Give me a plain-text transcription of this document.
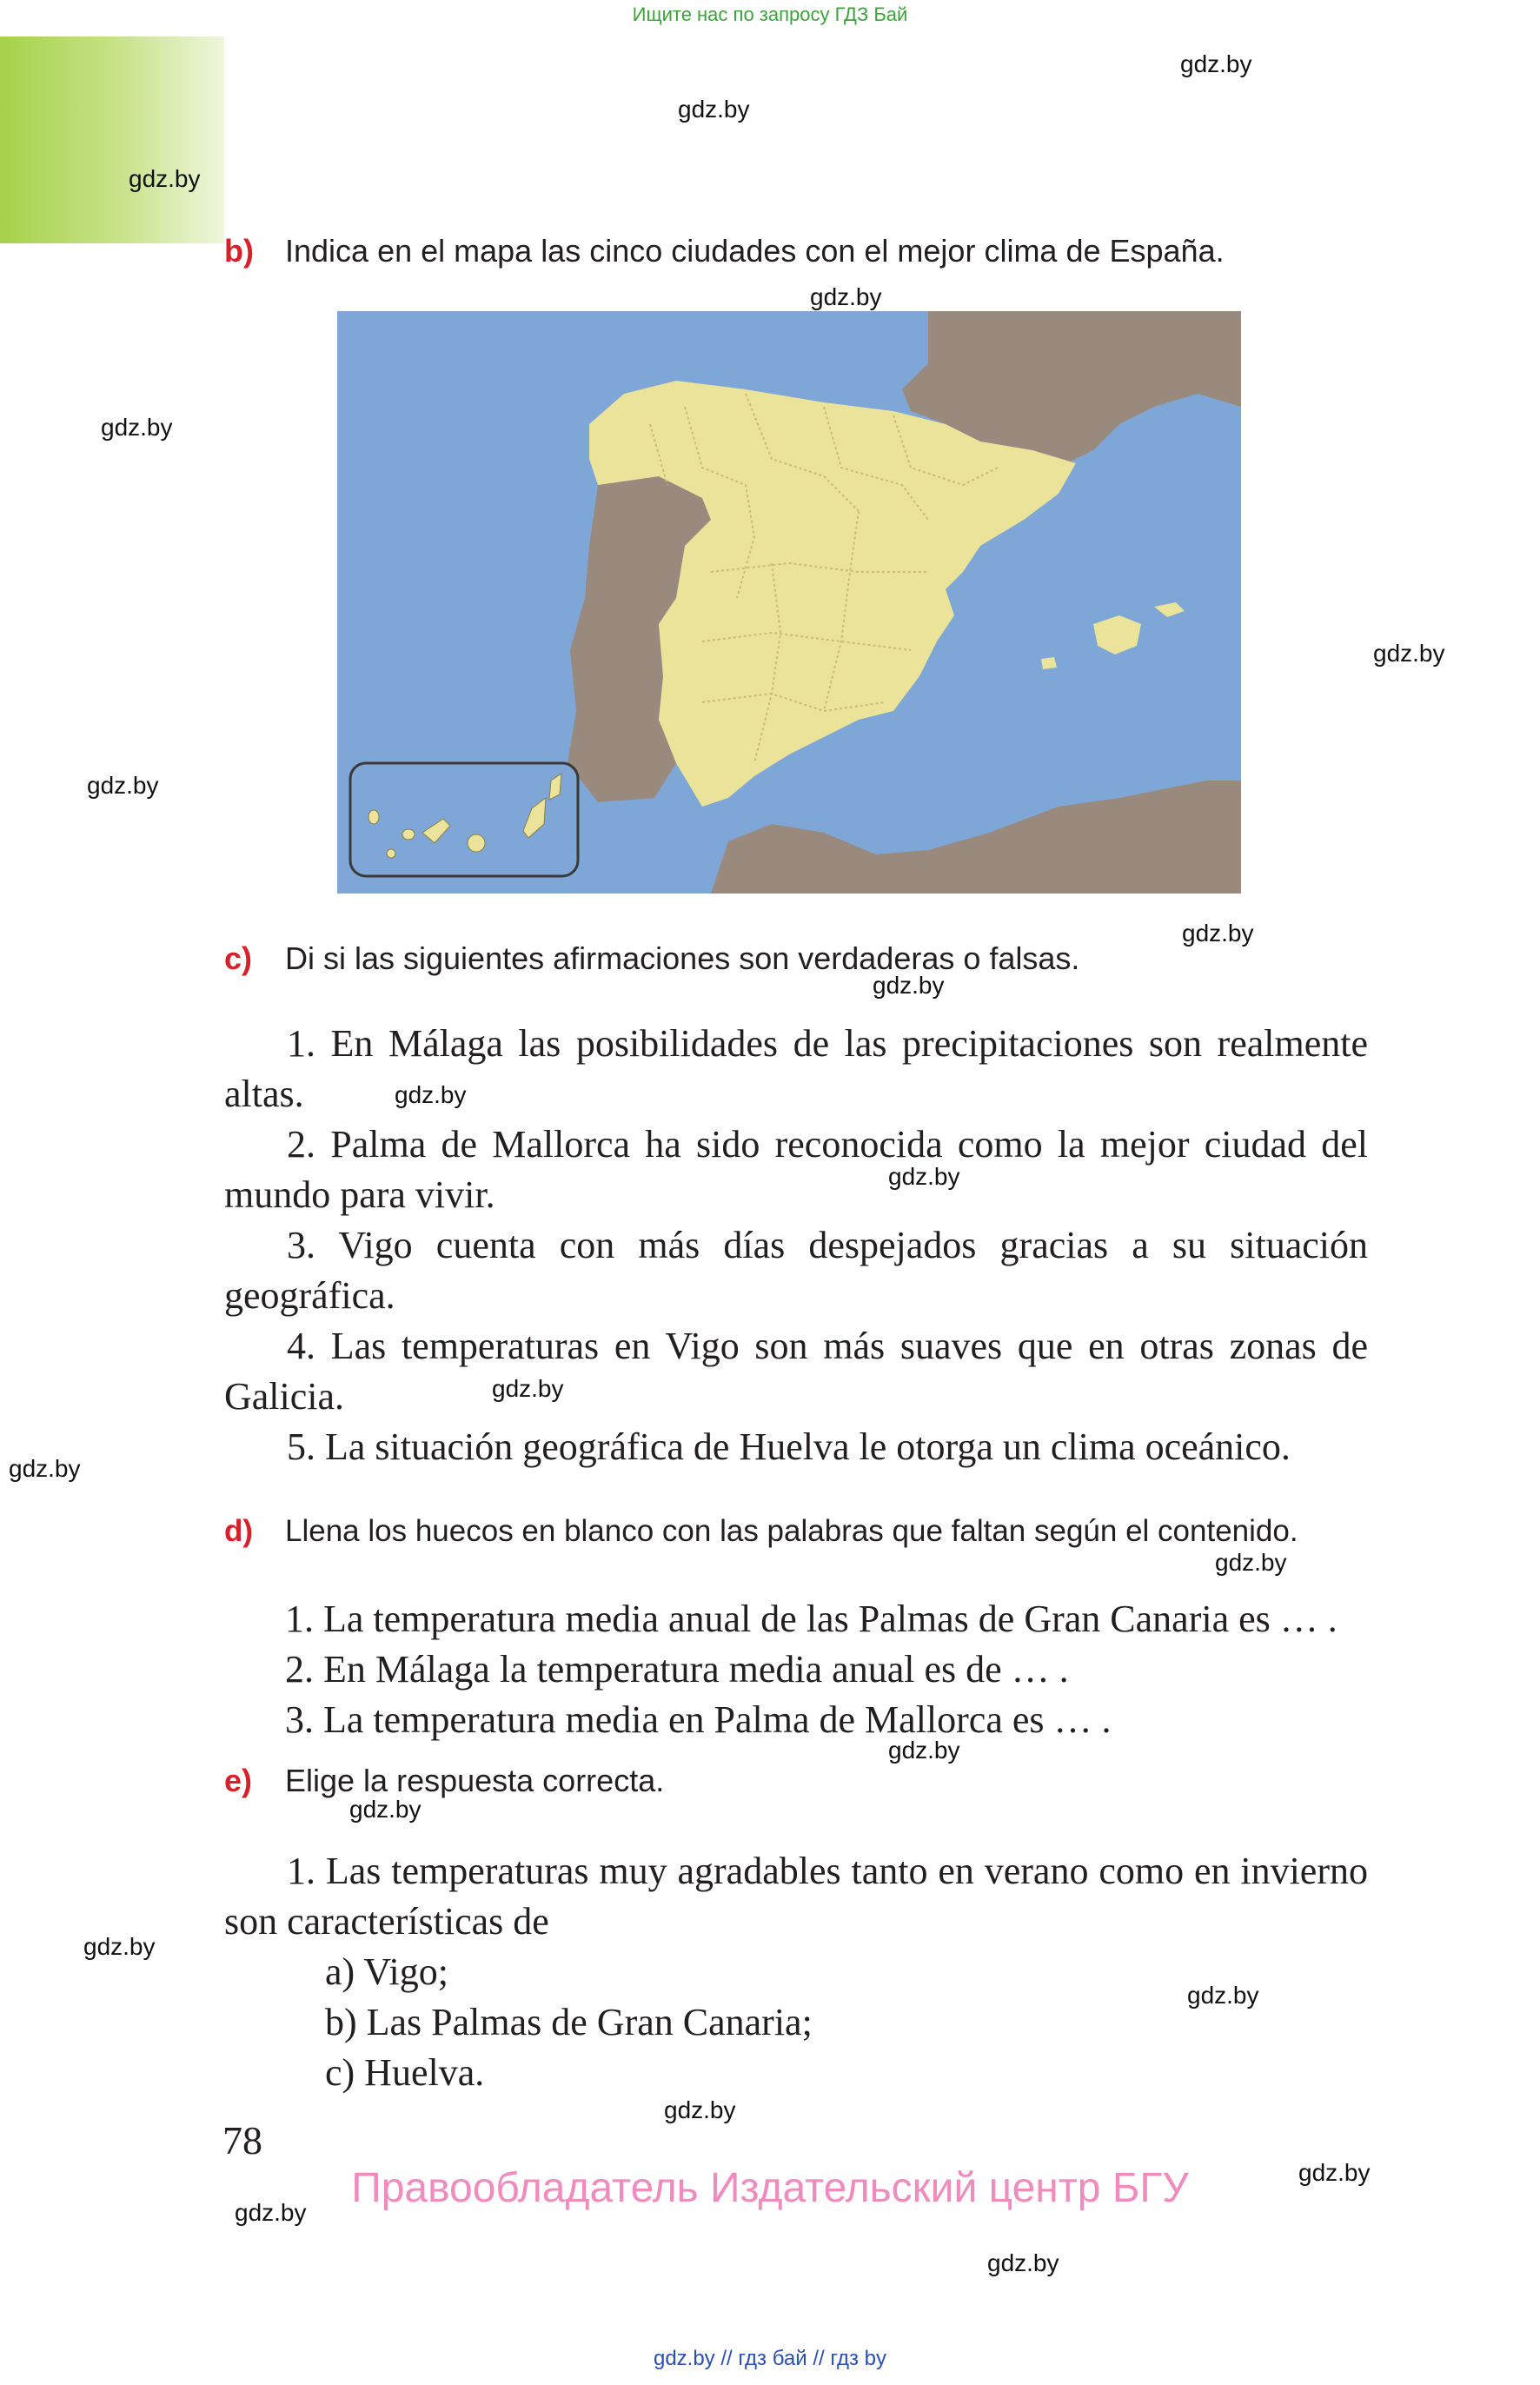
Ищите нас по запросу ГДЗ Бай
gdz.by
gdz.by
gdz.by
gdz.by
gdz.by
gdz.by
gdz.by
gdz.by
gdz.by
gdz.by
gdz.by
gdz.by
gdz.by
gdz.by
gdz.by
gdz.by
gdz.by
gdz.by
gdz.by
gdz.by
gdz.by
gdz.by
b) Indica en el mapa las cinco ciudades con el mejor clima de España.
c) Di si las siguientes afirmaciones son verdaderas o falsas.

1. En Málaga las posibilidades de las precipitaciones son realmente altas.

2. Palma de Mallorca ha sido reconocida como la mejor ciudad del mundo para vivir.

3. Vigo cuenta con más días despejados gracias a su situación geográfica.

4. Las temperaturas en Vigo son más suaves que en otras zonas de Galicia.

5. La situación geográfica de Huelva le otorga un clima oceánico.

d) Llena los huecos en blanco con las palabras que faltan según el contenido.
1. La temperatura media anual de las Palmas de Gran Canaria es … .
2. En Málaga la temperatura media anual es de … .
3. La temperatura media en Palma de Mallorca es … .
e) Elige la respuesta correcta.

1. Las temperaturas muy agradables tanto en verano como en invierno son características de

a) Vigo;
b) Las Palmas de Gran Canaria;
c) Huelva.
78
Правообладатель Издательский центр БГУ
gdz.by // гдз бай // гдз by
